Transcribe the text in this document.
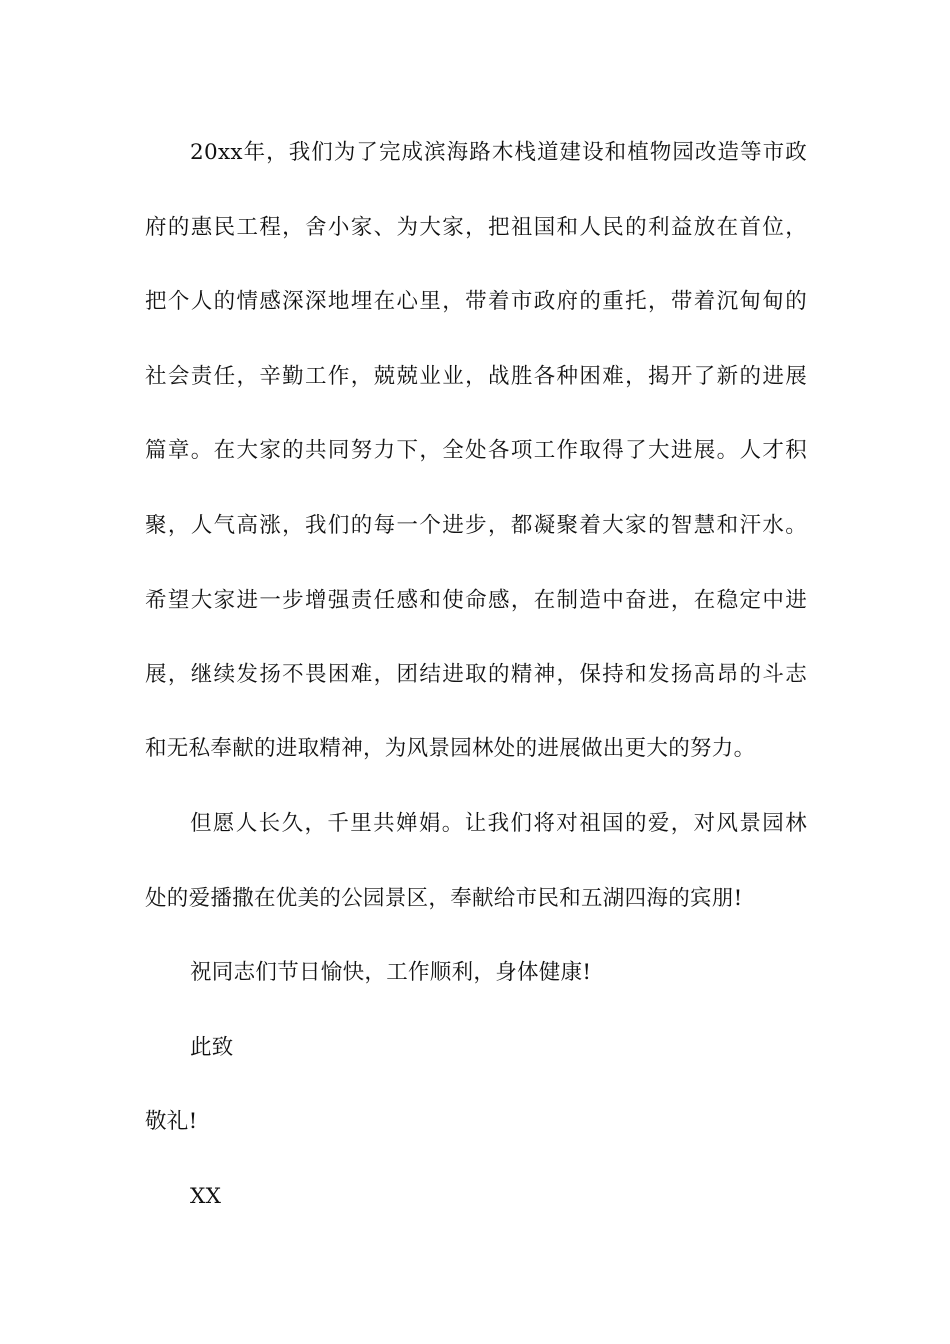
20xx年，我们为了完成滨海路木栈道建设和植物园改造等市政
府的惠民工程，舍小家、为大家，把祖国和人民的利益放在首位，
把个人的情感深深地埋在心里，带着市政府的重托，带着沉甸甸的
社会责任，辛勤工作，兢兢业业，战胜各种困难，揭开了新的进展
篇章。在大家的共同努力下，全处各项工作取得了大进展。人才积
聚，人气高涨，我们的每一个进步，都凝聚着大家的智慧和汗水。
希望大家进一步增强责任感和使命感，在制造中奋进，在稳定中进
展，继续发扬不畏困难，团结进取的精神，保持和发扬高昂的斗志
和无私奉献的进取精神，为风景园林处的进展做出更大的努力。
但愿人长久，千里共婵娟。让我们将对祖国的爱，对风景园林
处的爱播撒在优美的公园景区，奉献给市民和五湖四海的宾朋!
祝同志们节日愉快，工作顺利，身体健康!
此致
敬礼!
XX
